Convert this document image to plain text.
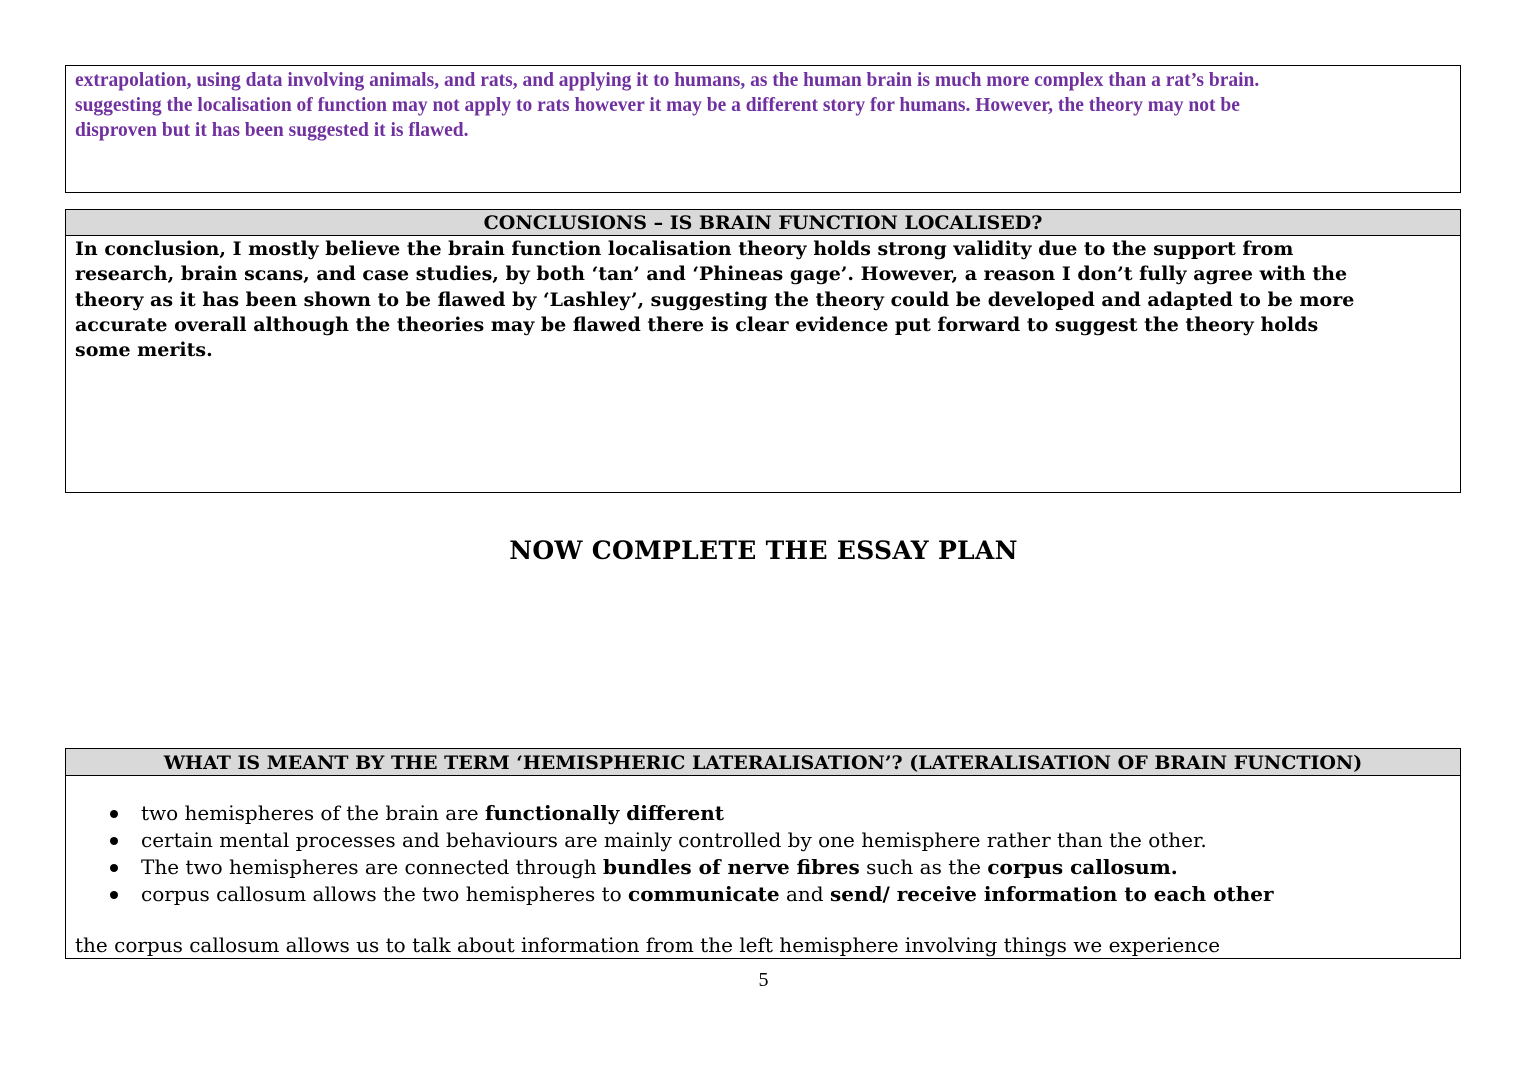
extrapolation, using data involving animals, and rats, and applying it to humans, as the human brain is much more complex than a rat’s brain.
suggesting the localisation of function may not apply to rats however it may be a different story for humans. However, the theory may not be
disproven but it has been suggested it is flawed.
CONCLUSIONS – IS BRAIN FUNCTION LOCALISED?
In conclusion, I mostly believe the brain function localisation theory holds strong validity due to the support from
research, brain scans, and case studies, by both ‘tan’ and ‘Phineas gage’. However, a reason I don’t fully agree with the
theory as it has been shown to be flawed by ‘Lashley’, suggesting the theory could be developed and adapted to be more
accurate overall although the theories may be flawed there is clear evidence put forward to suggest the theory holds
some merits.
NOW COMPLETE THE ESSAY PLAN
WHAT IS MEANT BY THE TERM ‘HEMISPHERIC LATERALISATION’? (LATERALISATION OF BRAIN FUNCTION)
two hemispheres of the brain are functionally different
certain mental processes and behaviours are mainly controlled by one hemisphere rather than the other.
The two hemispheres are connected through bundles of nerve fibres such as the corpus callosum.
corpus callosum allows the two hemispheres to communicate and send/ receive information to each other
the corpus callosum allows us to talk about information from the left hemisphere involving things we experience
5
